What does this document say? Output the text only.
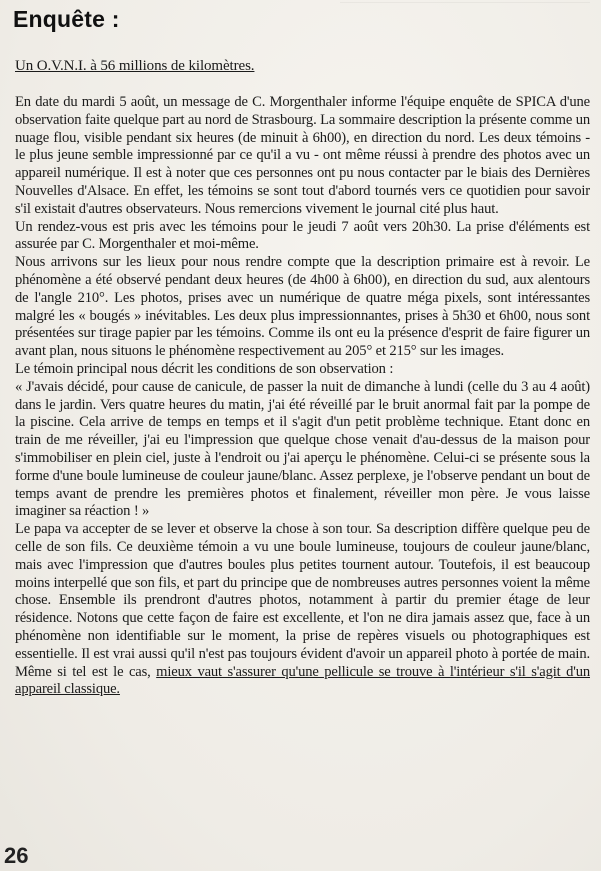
Enquête :
Un O.V.N.I. à 56 millions de kilomètres.

En date du mardi 5 août, un message de C. Morgenthaler informe l'équipe enquête de SPICA d'une observation faite quelque part au nord de Strasbourg. La sommaire description la présente comme un nuage flou, visible pendant six heures (de minuit à 6h00), en direction du nord. Les deux témoins - le plus jeune semble impressionné par ce qu'il a vu - ont même réussi à prendre des photos avec un appareil numérique. Il est à noter que ces personnes ont pu nous contacter par le biais des Dernières Nouvelles d'Alsace. En effet, les témoins se sont tout d'abord tournés vers ce quotidien pour savoir s'il existait d'autres observateurs. Nous remercions vivement le journal cité plus haut.

Un rendez-vous est pris avec les témoins pour le jeudi 7 août vers 20h30. La prise d'éléments est assurée par C. Morgenthaler et moi-même.

Nous arrivons sur les lieux pour nous rendre compte que la description primaire est à revoir. Le phénomène a été observé pendant deux heures (de 4h00 à 6h00), en direction du sud, aux alentours de l'angle 210°. Les photos, prises avec un numérique de quatre méga pixels, sont intéressantes malgré les « bougés » inévitables. Les deux plus impressionnantes, prises à 5h30 et 6h00, nous sont présentées sur tirage papier par les témoins. Comme ils ont eu la présence d'esprit de faire figurer un avant plan, nous situons le phénomène respectivement au 205° et 215° sur les images.

Le témoin principal nous décrit les conditions de son observation :

« J'avais décidé, pour cause de canicule, de passer la nuit de dimanche à lundi (celle du 3 au 4 août) dans le jardin. Vers quatre heures du matin, j'ai été réveillé par le bruit anormal fait par la pompe de la piscine. Cela arrive de temps en temps et il s'agit d'un petit problème technique. Etant donc en train de me réveiller, j'ai eu l'impression que quelque chose venait d'au-dessus de la maison pour s'immobiliser en plein ciel, juste à l'endroit ou j'ai aperçu le phénomène. Celui-ci se présente sous la forme d'une boule lumineuse de couleur jaune/blanc. Assez perplexe, je l'observe pendant un bout de temps avant de prendre les premières photos et finalement, réveiller mon père. Je vous laisse imaginer sa réaction ! »

Le papa va accepter de se lever et observe la chose à son tour. Sa description diffère quelque peu de celle de son fils. Ce deuxième témoin a vu une boule lumineuse, toujours de couleur jaune/blanc, mais avec l'impression que d'autres boules plus petites tournent autour. Toutefois, il est beaucoup moins interpellé que son fils, et part du principe que de nombreuses autres personnes voient la même chose. Ensemble ils prendront d'autres photos, notamment à partir du premier étage de leur résidence. Notons que cette façon de faire est excellente, et l'on ne dira jamais assez que, face à un phénomène non identifiable sur le moment, la prise de repères visuels ou photographiques est essentielle. Il est vrai aussi qu'il n'est pas toujours évident d'avoir un appareil photo à portée de main. Même si tel est le cas, mieux vaut s'assurer qu'une pellicule se trouve à l'intérieur s'il s'agit d'un appareil classique.

26
